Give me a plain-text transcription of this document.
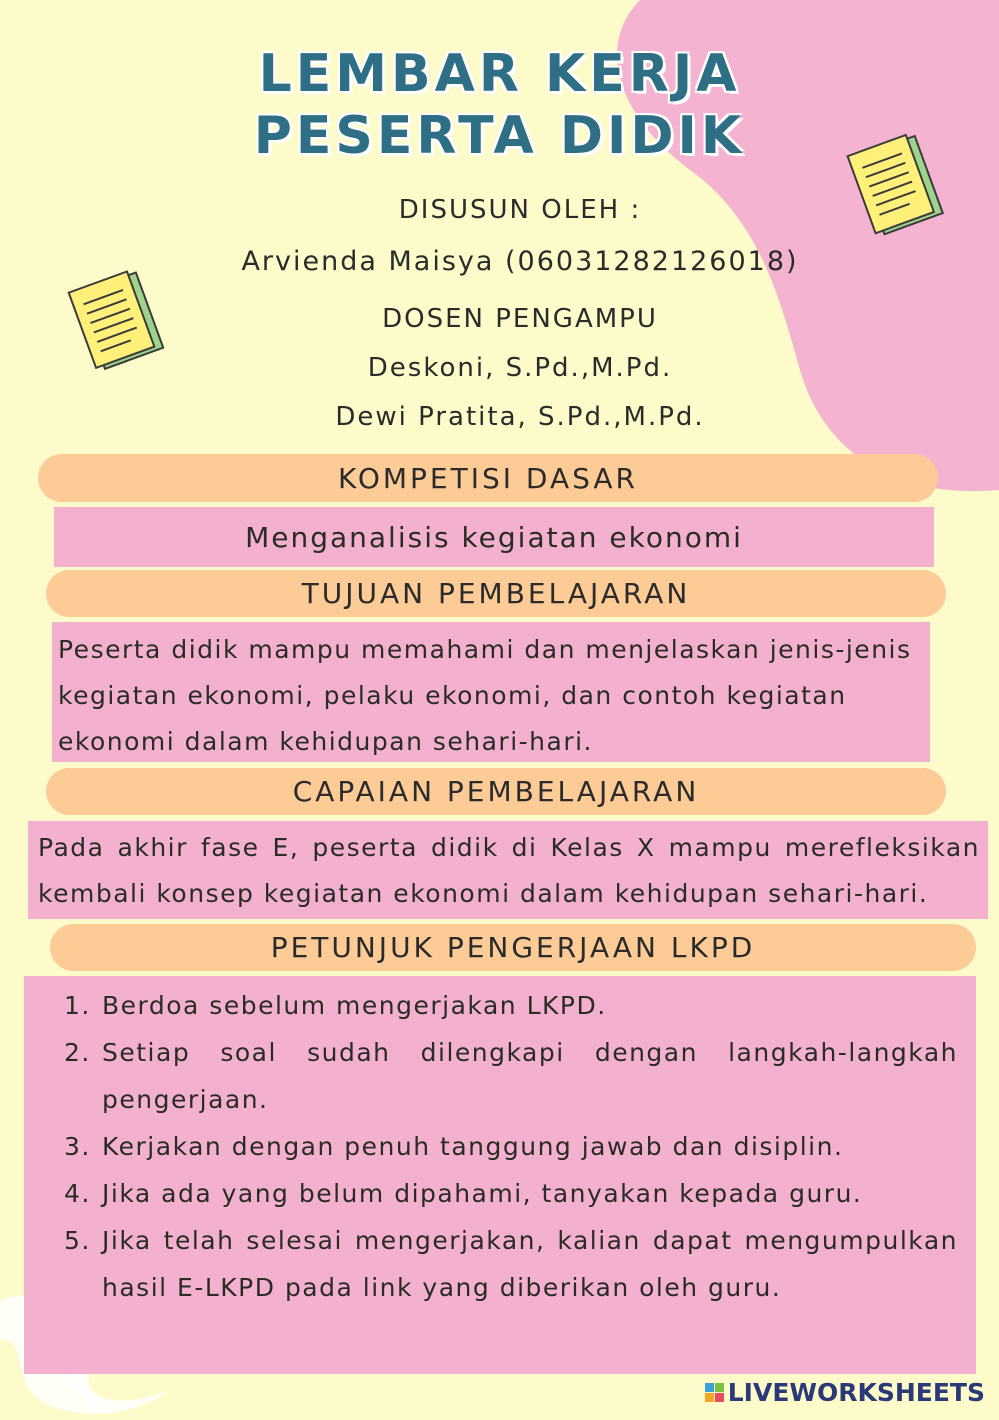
LEMBAR KERJA
PESERTA DIDIK
DISUSUN OLEH :
Arvienda Maisya (06031282126018)
DOSEN PENGAMPU
Deskoni, S.Pd.,M.Pd.
Dewi Pratita, S.Pd.,M.Pd.
KOMPETISI DASAR
Menganalisis kegiatan ekonomi
TUJUAN PEMBELAJARAN

Peserta didik mampu memahami dan menjelaskan jenis-jenis kegiatan ekonomi, pelaku ekonomi, dan contoh kegiatan ekonomi dalam kehidupan sehari-hari.

CAPAIAN PEMBELAJARAN

Pada akhir fase E, peserta didik di Kelas X mampu merefleksikan kembali konsep kegiatan ekonomi dalam kehidupan sehari-hari.

PETUNJUK PENGERJAAN LKPD
1. Berdoa sebelum mengerjakan LKPD.
2. Setiap soal sudah dilengkapi dengan langkah-langkah pengerjaan.
3. Kerjakan dengan penuh tanggung jawab dan disiplin.
4. Jika ada yang belum dipahami, tanyakan kepada guru.
5. Jika telah selesai mengerjakan, kalian dapat mengumpulkan hasil E-LKPD pada link yang diberikan oleh guru.
LIVEWORKSHEETS
